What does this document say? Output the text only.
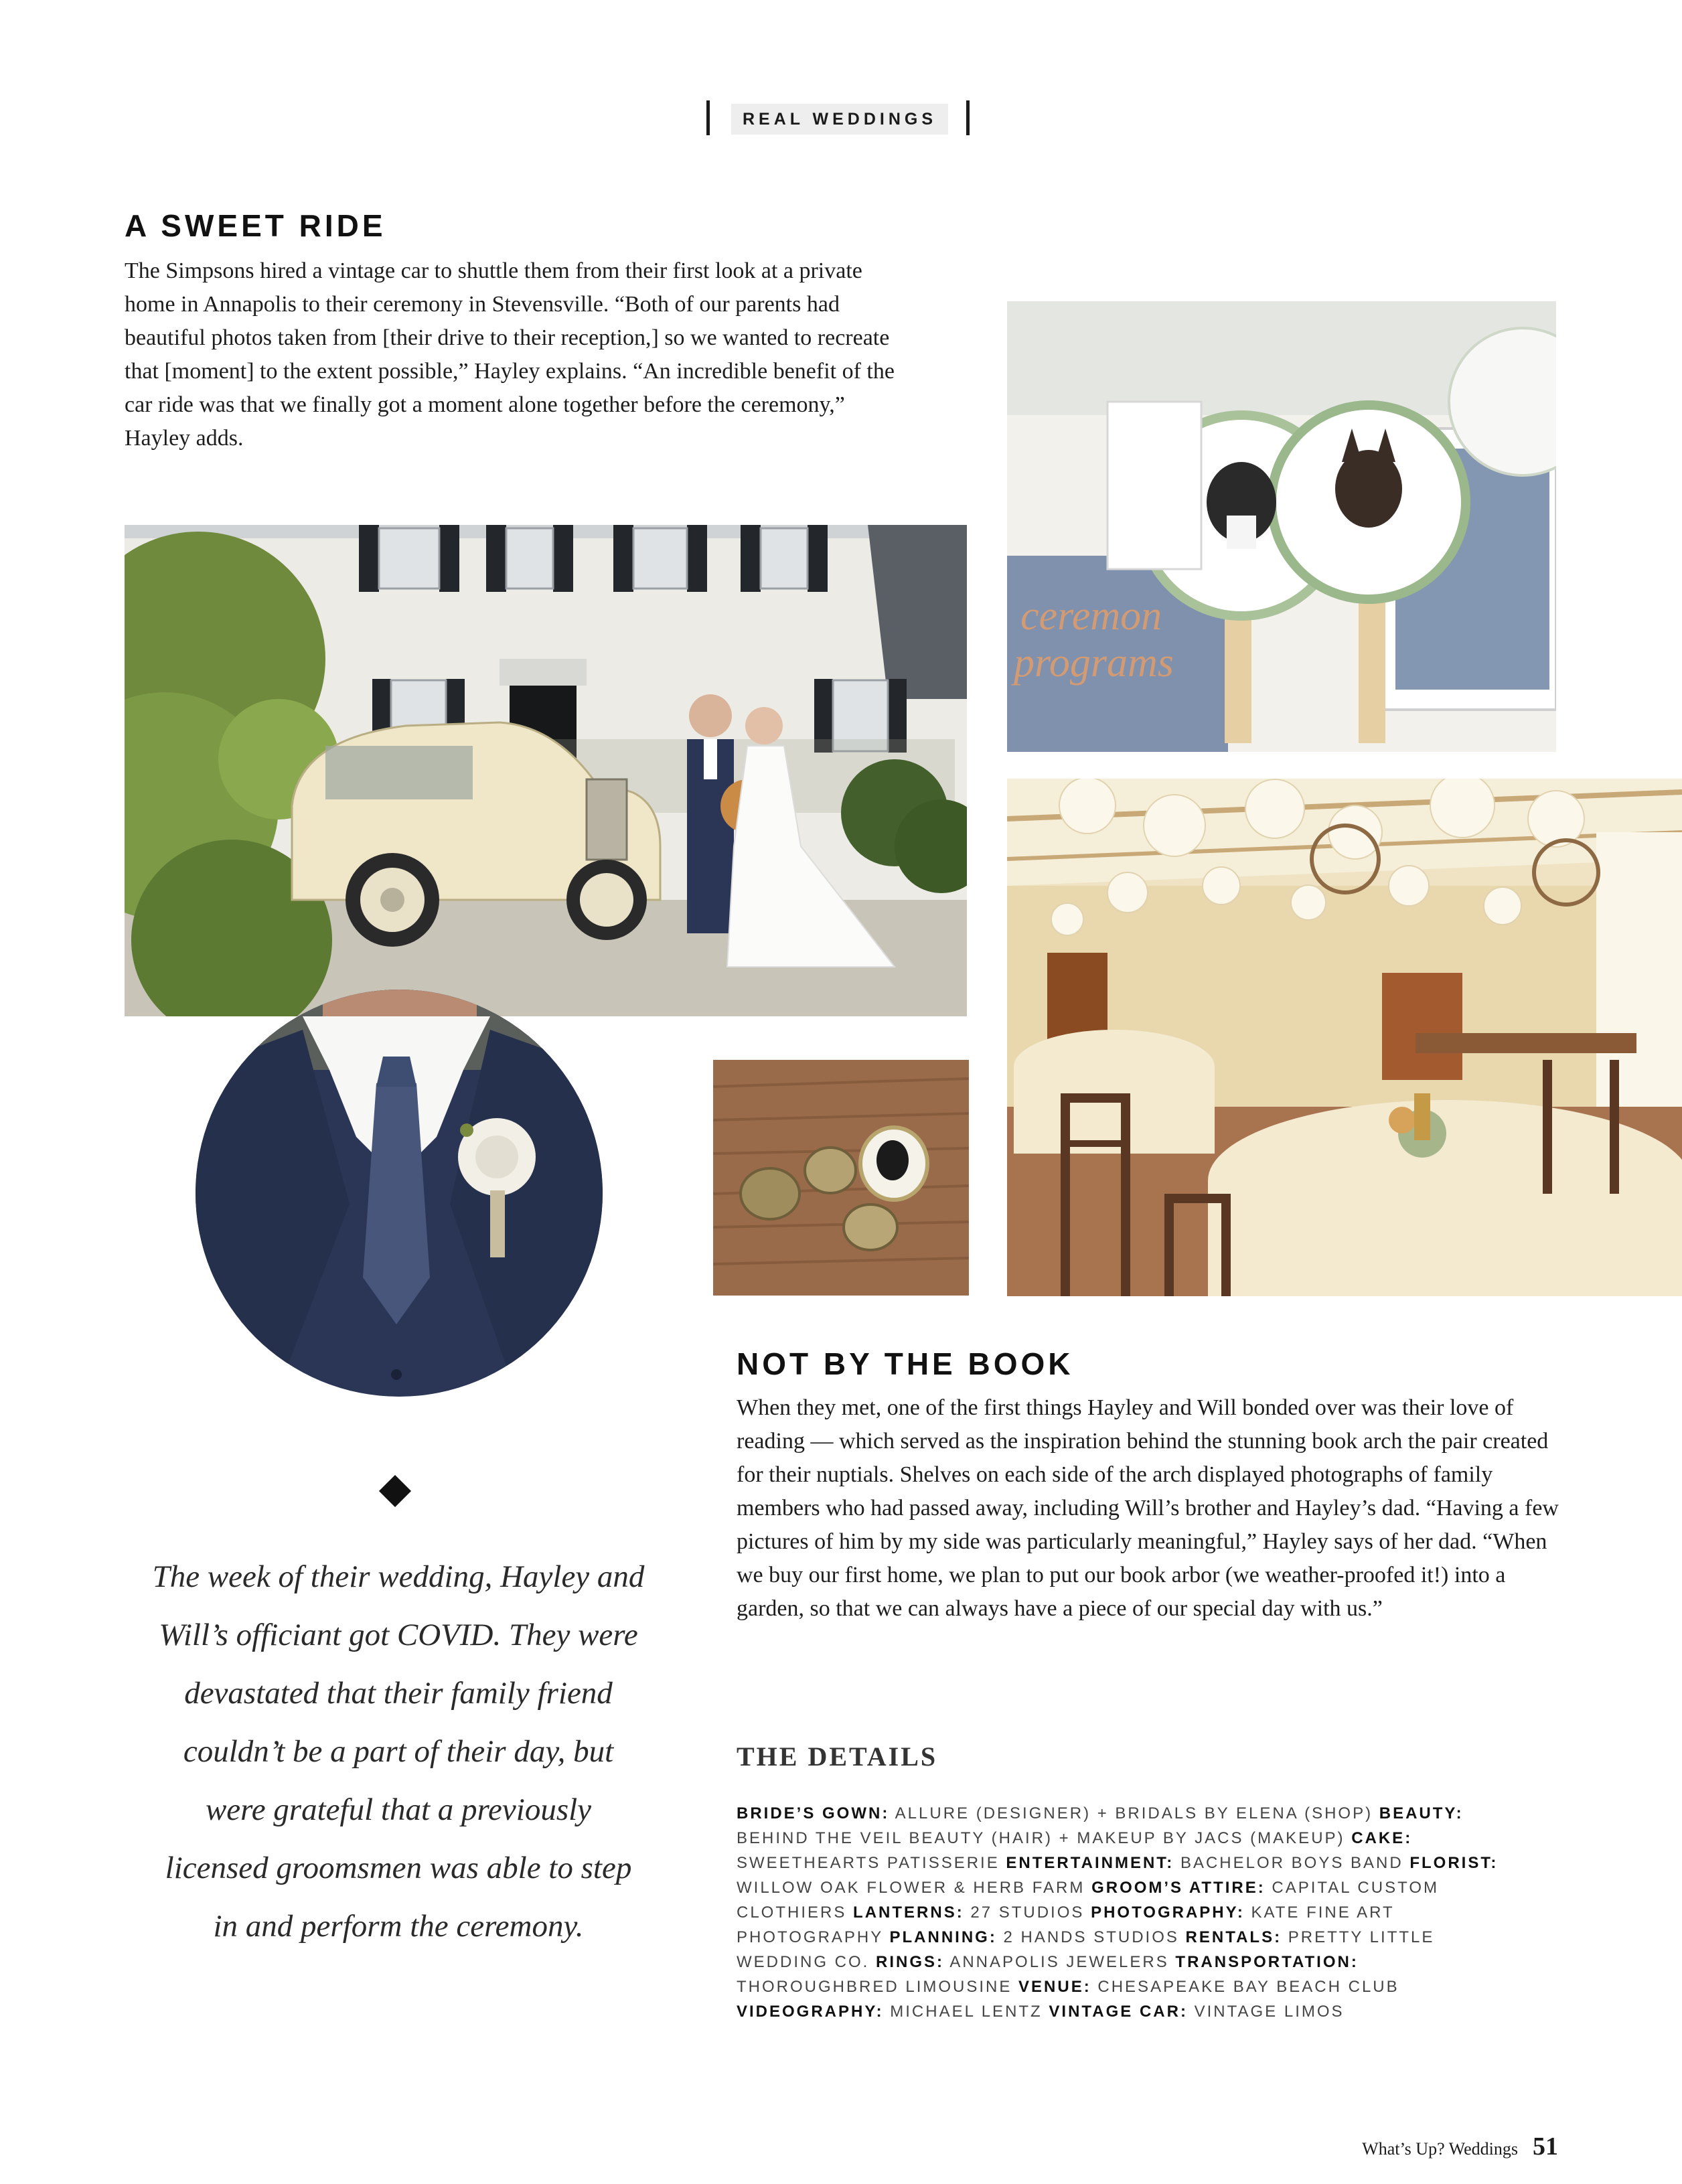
REAL WEDDINGS
A SWEET RIDE

The Simpsons hired a vintage car to shuttle them from their first look at a private home in Annapolis to their ceremony in Stevensville. “Both of our parents had beautiful photos taken from [their drive to their reception,] so we wanted to recreate that [moment] to the extent possible,” Hayley explains. “An incredible benefit of the car ride was that we finally got a moment alone together before the ceremony,” Hayley adds.

ceremon
programs

The week of their wedding, Hayley and Will’s officiant got COVID. They were devastated that their family friend couldn’t be a part of their day, but were grateful that a previously licensed groomsmen was able to step in and perform the ceremony.

NOT BY THE BOOK

When they met, one of the first things Hayley and Will bonded over was their love of reading — which served as the inspiration behind the stunning book arch the pair created for their nuptials. Shelves on each side of the arch displayed photographs of family members who had passed away, including Will’s brother and Hayley’s dad. “Having a few pictures of him by my side was particularly meaningful,” Hayley says of her dad. “When we buy our first home, we plan to put our book arbor (we weather-proofed it!) into a garden, so that we can always have a piece of our special day with us.”

THE DETAILS

BRIDE’S GOWN: ALLURE (DESIGNER) + BRIDALS BY ELENA (SHOP) BEAUTY: BEHIND THE VEIL BEAUTY (HAIR) + MAKEUP BY JACS (MAKEUP) CAKE: SWEETHEARTS PATISSERIE ENTERTAINMENT: BACHELOR BOYS BAND FLORIST: WILLOW OAK FLOWER & HERB FARM GROOM’S ATTIRE: CAPITAL CUSTOM CLOTHIERS LANTERNS: 27 STUDIOS PHOTOGRAPHY: KATE FINE ART PHOTOGRAPHY PLANNING: 2 HANDS STUDIOS RENTALS: PRETTY LITTLE WEDDING CO. RINGS: ANNAPOLIS JEWELERS TRANSPORTATION: THOROUGHBRED LIMOUSINE VENUE: CHESAPEAKE BAY BEACH CLUB VIDEOGRAPHY: MICHAEL LENTZ VINTAGE CAR: VINTAGE LIMOS

What’s Up? Weddings 51
